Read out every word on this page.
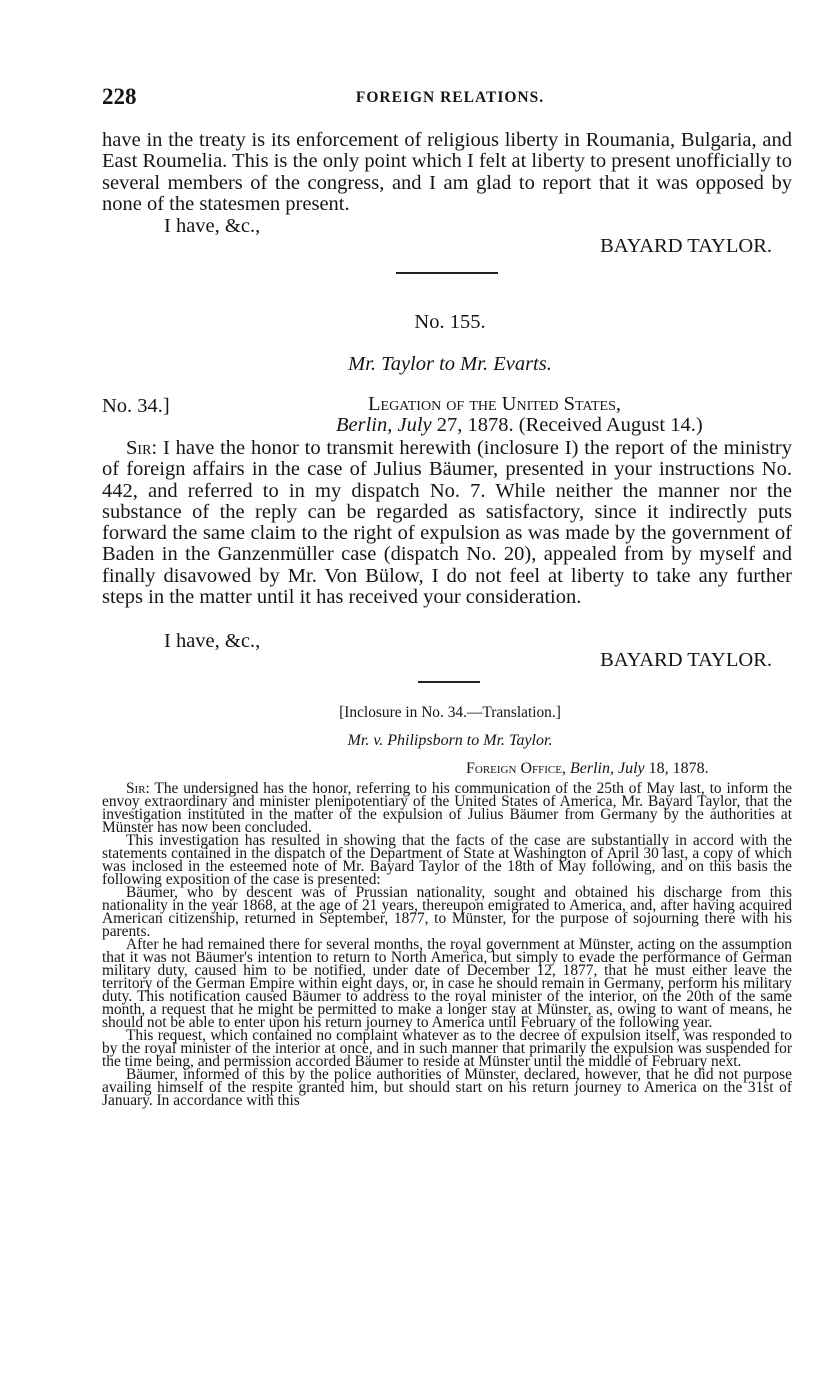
228	FOREIGN RELATIONS.
have in the treaty is its enforcement of religious liberty in Roumania, Bulgaria, and East Roumelia. This is the only point which I felt at liberty to present unofficially to several members of the congress, and I am glad to report that it was opposed by none of the statesmen present.
I have, &c.,
BAYARD TAYLOR.
No. 155.
Mr. Taylor to Mr. Evarts.
No. 34.]	Legation of the United States,
Berlin, July 27, 1878. (Received August 14.)
Sir: I have the honor to transmit herewith (inclosure I) the report of the ministry of foreign affairs in the case of Julius Bäumer, presented in your instructions No. 442, and referred to in my dispatch No. 7. While neither the manner nor the substance of the reply can be regarded as satisfactory, since it indirectly puts forward the same claim to the right of expulsion as was made by the government of Baden in the Ganzenmüller case (dispatch No. 20), appealed from by myself and finally disavowed by Mr. Von Bülow, I do not feel at liberty to take any further steps in the matter until it has received your consideration.
I have, &c.,
BAYARD TAYLOR.
[Inclosure in No. 34.—Translation.]
Mr. v. Philipsborn to Mr. Taylor.
Foreign Office, Berlin, July 18, 1878.

Sir: The undersigned has the honor, referring to his communication of the 25th of May last, to inform the envoy extraordinary and minister plenipotentiary of the United States of America, Mr. Bayard Taylor, that the investigation instituted in the matter of the expulsion of Julius Bäumer from Germany by the authorities at Münster has now been concluded.

This investigation has resulted in showing that the facts of the case are substantially in accord with the statements contained in the dispatch of the Department of State at Washington of April 30 last, a copy of which was inclosed in the esteemed note of Mr. Bayard Taylor of the 18th of May following, and on this basis the following exposition of the case is presented:

Bäumer, who by descent was of Prussian nationality, sought and obtained his discharge from this nationality in the year 1868, at the age of 21 years, thereupon emigrated to America, and, after having acquired American citizenship, returned in September, 1877, to Münster, for the purpose of sojourning there with his parents.

After he had remained there for several months, the royal government at Münster, acting on the assumption that it was not Bäumer's intention to return to North America, but simply to evade the performance of German military duty, caused him to be notified, under date of December 12, 1877, that he must either leave the territory of the German Empire within eight days, or, in case he should remain in Germany, perform his military duty. This notification caused Bäumer to address to the royal minister of the interior, on the 20th of the same month, a request that he might be permitted to make a longer stay at Münster, as, owing to want of means, he should not be able to enter upon his return journey to America until February of the following year.

This request, which contained no complaint whatever as to the decree of expulsion itself, was responded to by the royal minister of the interior at once, and in such manner that primarily the expulsion was suspended for the time being, and permission accorded Bäumer to reside at Münster until the middle of February next.

Bäumer, informed of this by the police authorities of Münster, declared, however, that he did not purpose availing himself of the respite granted him, but should start on his return journey to America on the 31st of January. In accordance with this
